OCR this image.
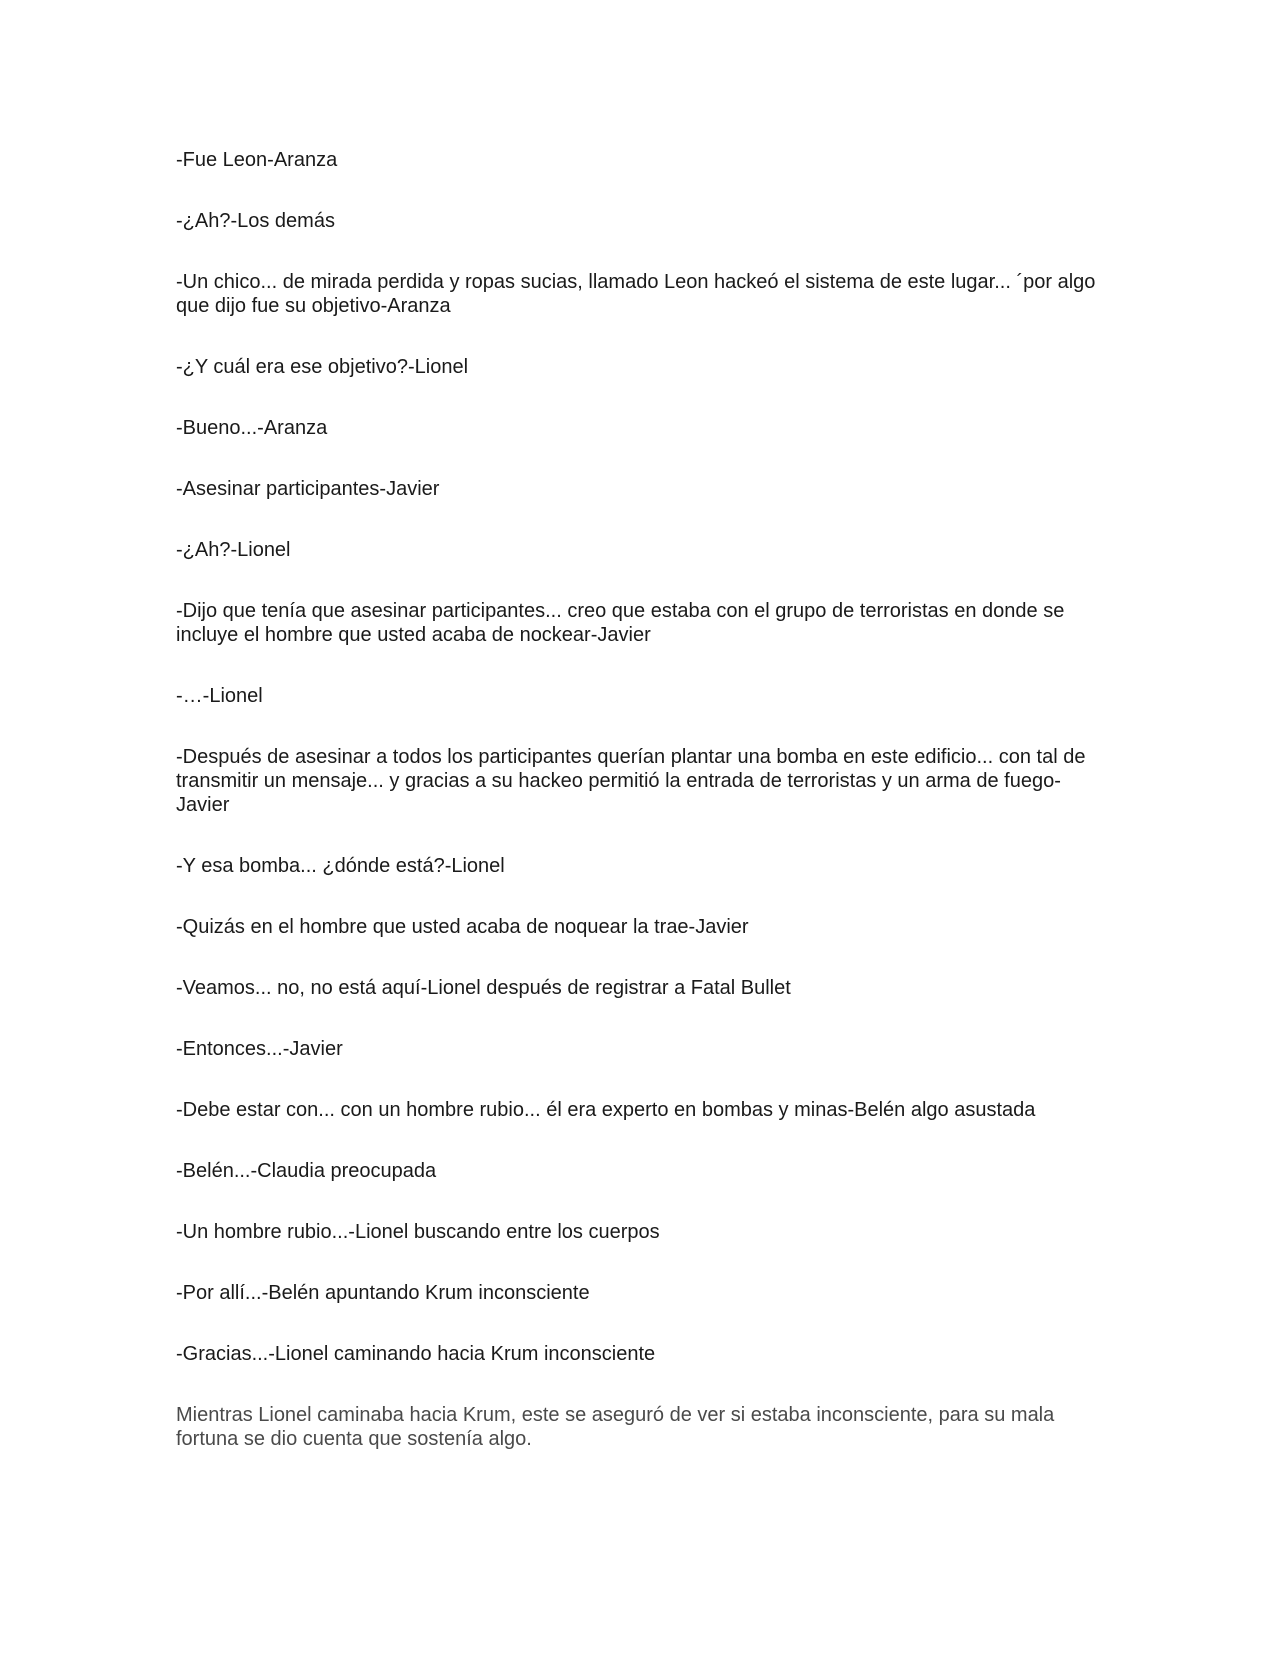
-Fue Leon-Aranza

-¿Ah?-Los demás

-Un chico... de mirada perdida y ropas sucias, llamado Leon hackeó el sistema de este lugar... ´por algo que dijo fue su objetivo-Aranza

-¿Y cuál era ese objetivo?-Lionel

-Bueno...-Aranza

-Asesinar participantes-Javier

-¿Ah?-Lionel

-Dijo que tenía que asesinar participantes... creo que estaba con el grupo de terroristas en donde se incluye el hombre que usted acaba de nockear-Javier

-…-Lionel

-Después de asesinar a todos los participantes querían plantar una bomba en este edificio... con tal de transmitir un mensaje... y gracias a su hackeo permitió la entrada de terroristas y un arma de fuego-Javier

-Y esa bomba... ¿dónde está?-Lionel

-Quizás en el hombre que usted acaba de noquear la trae-Javier

-Veamos... no, no está aquí-Lionel después de registrar a Fatal Bullet

-Entonces...-Javier

-Debe estar con... con un hombre rubio... él era experto en bombas y minas-Belén algo asustada

-Belén...-Claudia preocupada

-Un hombre rubio...-Lionel buscando entre los cuerpos

-Por allí...-Belén apuntando Krum inconsciente

-Gracias...-Lionel caminando hacia Krum inconsciente

Mientras Lionel caminaba hacia Krum, este se aseguró de ver si estaba inconsciente, para su mala fortuna se dio cuenta que sostenía algo.
